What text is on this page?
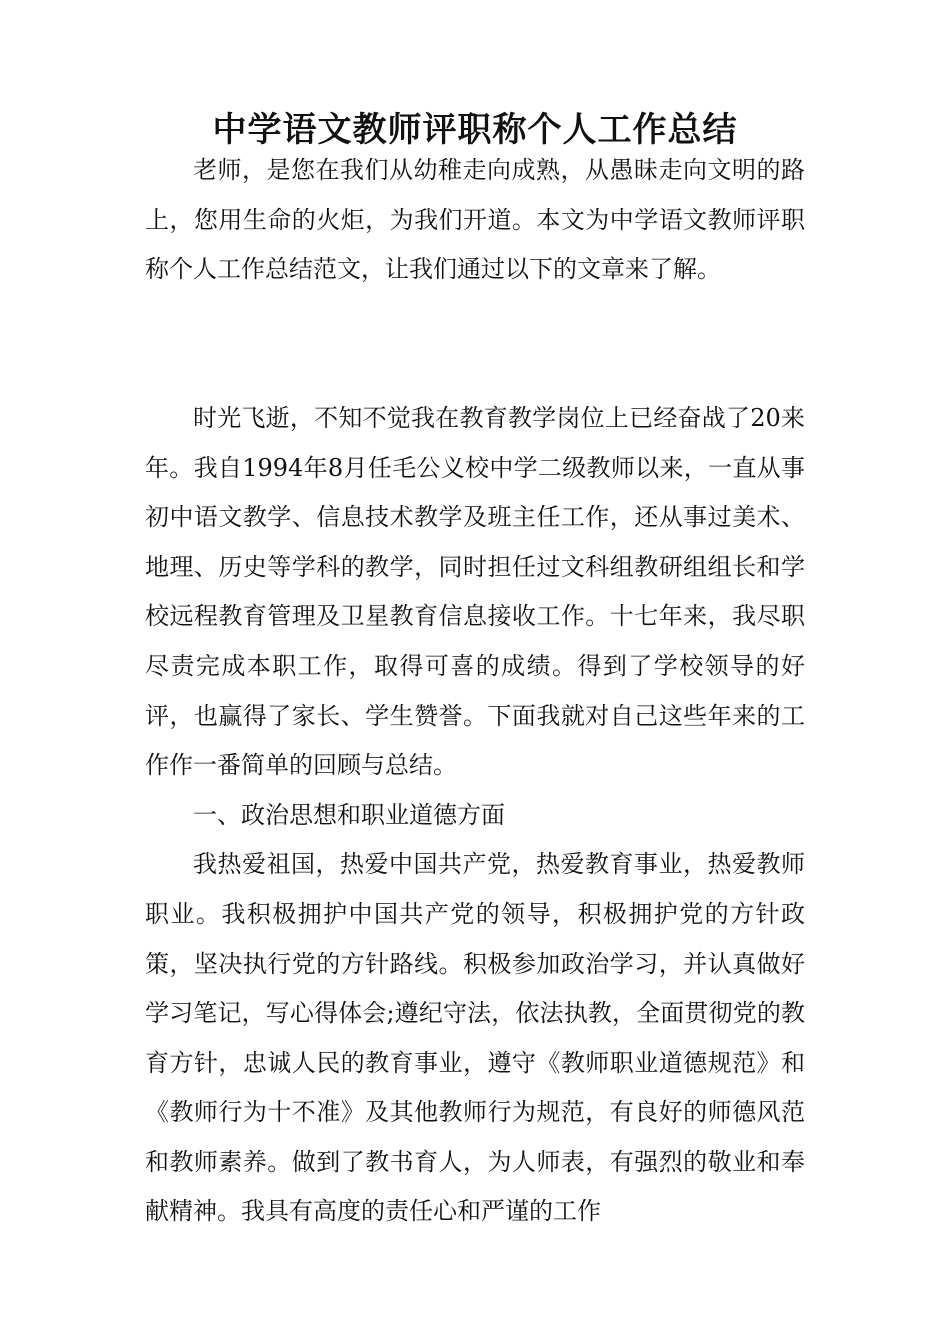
中学语文教师评职称个人工作总结

老师，是您在我们从幼稚走向成熟，从愚昧走向文明的路上，您用生命的火炬，为我们开道。本文为中学语文教师评职称个人工作总结范文，让我们通过以下的文章来了解。

时光飞逝，不知不觉我在教育教学岗位上已经奋战了20来年。我自1994年8月任毛公义校中学二级教师以来，一直从事初中语文教学、信息技术教学及班主任工作，还从事过美术、地理、历史等学科的教学，同时担任过文科组教研组组长和学校远程教育管理及卫星教育信息接收工作。十七年来，我尽职尽责完成本职工作，取得可喜的成绩。得到了学校领导的好评，也赢得了家长、学生赞誉。下面我就对自己这些年来的工作作一番简单的回顾与总结。

一、政治思想和职业道德方面

我热爱祖国，热爱中国共产党，热爱教育事业，热爱教师职业。我积极拥护中国共产党的领导，积极拥护党的方针政策，坚决执行党的方针路线。积极参加政治学习，并认真做好学习笔记，写心得体会;遵纪守法，依法执教，全面贯彻党的教育方针，忠诚人民的教育事业，遵守《教师职业道德规范》和《教师行为十不准》及其他教师行为规范，有良好的师德风范和教师素养。做到了教书育人，为人师表，有强烈的敬业和奉献精神。我具有高度的责任心和严谨的工作
